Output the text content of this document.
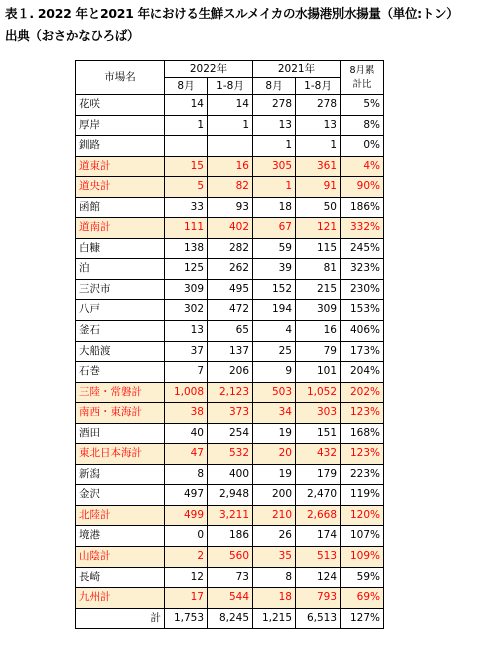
表１. 2022 年と2021 年における生鮮スルメイカの水揚港別水揚量（単位:トン）
出典（おさかなひろば）
市場名	2022年		2021年		8月累
計比

	8月	1-8月	8月	1-8月	
花咲	14	14	278	278	5%
厚岸	1	1	13	13	8%
釧路			1	1	0%
道東計	15	16	305	361	4%
道央計	5	82	1	91	90%
函館	33	93	18	50	186%
道南計	111	402	67	121	332%
白糠	138	282	59	115	245%
泊	125	262	39	81	323%
三沢市	309	495	152	215	230%
八戸	302	472	194	309	153%
釜石	13	65	4	16	406%
大船渡	37	137	25	79	173%
石巻	7	206	9	101	204%
三陸・常磐計	1,008	2,123	503	1,052	202%
南西・東海計	38	373	34	303	123%
酒田	40	254	19	151	168%
東北日本海計	47	532	20	432	123%
新潟	8	400	19	179	223%
金沢	497	2,948	200	2,470	119%
北陸計	499	3,211	210	2,668	120%
境港	0	186	26	174	107%
山陰計	2	560	35	513	109%
長崎	12	73	8	124	59%
九州計	17	544	18	793	69%
計	1,753	8,245	1,215	6,513	127%
